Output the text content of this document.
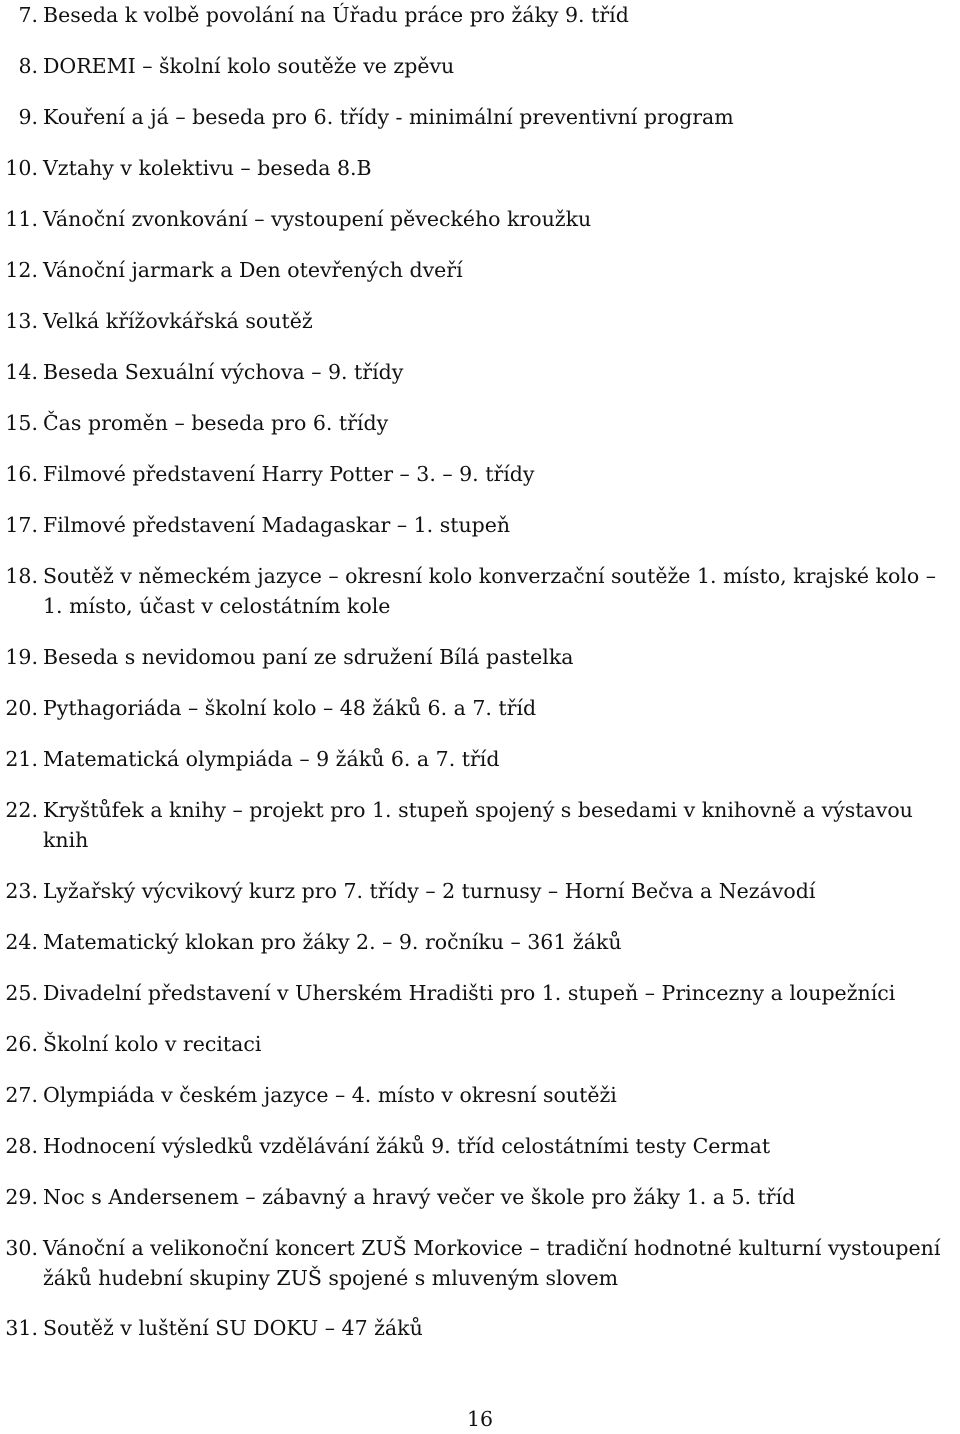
7. Beseda k volbě povolání na Úřadu práce pro žáky 9. tříd
8. DOREMI – školní kolo soutěže ve zpěvu
9. Kouření a já – beseda pro 6. třídy - minimální preventivní program
10. Vztahy v kolektivu – beseda 8.B
11. Vánoční zvonkování – vystoupení pěveckého kroužku
12. Vánoční jarmark a Den otevřených dveří
13. Velká křížovkářská soutěž
14. Beseda Sexuální výchova – 9. třídy
15. Čas proměn – beseda pro 6. třídy
16. Filmové představení Harry Potter – 3. – 9. třídy
17. Filmové představení Madagaskar – 1. stupeň
18. Soutěž v německém jazyce – okresní kolo konverzační soutěže 1. místo, krajské kolo – 1. místo, účast v celostátním kole
19. Beseda s nevidomou paní ze sdružení Bílá pastelka
20. Pythagoriáda – školní kolo – 48 žáků 6. a 7. tříd
21. Matematická olympiáda – 9 žáků 6. a 7. tříd
22. Kryštůfek a knihy – projekt pro 1. stupeň spojený s besedami v knihovně a výstavou knih
23. Lyžařský výcvikový kurz pro 7. třídy – 2 turnusy – Horní Bečva a Nezávodí
24. Matematický klokan pro žáky 2. – 9. ročníku – 361 žáků
25. Divadelní představení v Uherském Hradišti pro 1. stupeň – Princezny a loupežníci
26. Školní kolo v recitaci
27. Olympiáda v českém jazyce – 4. místo v okresní soutěži
28. Hodnocení výsledků vzdělávání žáků 9. tříd celostátními testy Cermat
29. Noc s Andersenem – zábavný a hravý večer ve škole pro žáky 1. a 5. tříd
30. Vánoční a velikonoční koncert ZUŠ Morkovice – tradiční hodnotné kulturní vystoupení žáků hudební skupiny ZUŠ spojené s mluveným slovem
31. Soutěž v luštění SU DOKU – 47 žáků
16
